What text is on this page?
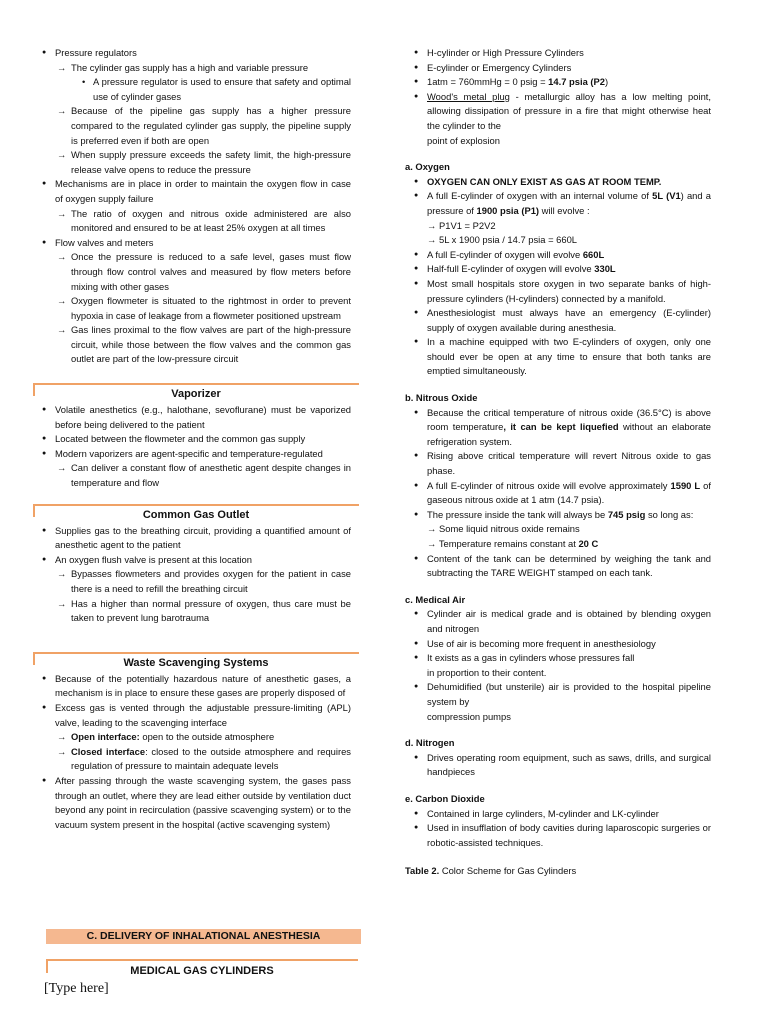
● Pressure regulators
→ The cylinder gas supply has a high and variable pressure
• A pressure regulator is used to ensure that safety and optimal use of cylinder gases
→ Because of the pipeline gas supply has a higher pressure compared to the regulated cylinder gas supply, the pipeline supply is preferred even if both are open
→ When supply pressure exceeds the safety limit, the high-pressure release valve opens to reduce the pressure
● Mechanisms are in place in order to maintain the oxygen flow in case of oxygen supply failure
→ The ratio of oxygen and nitrous oxide administered are also monitored and ensured to be at least 25% oxygen at all times
● Flow valves and meters
→ Once the pressure is reduced to a safe level, gases must flow through flow control valves and measured by flow meters before mixing with other gases
→ Oxygen flowmeter is situated to the rightmost in order to prevent hypoxia in case of leakage from a flowmeter positioned upstream
→ Gas lines proximal to the flow valves are part of the high-pressure circuit, while those between the flow valves and the common gas outlet are part of the low-pressure circuit
Vaporizer
● Volatile anesthetics (e.g., halothane, sevoflurane) must be vaporized before being delivered to the patient
● Located between the flowmeter and the common gas supply
● Modern vaporizers are agent-specific and temperature-regulated
→ Can deliver a constant flow of anesthetic agent despite changes in temperature and flow
Common Gas Outlet
● Supplies gas to the breathing circuit, providing a quantified amount of anesthetic agent to the patient
● An oxygen flush valve is present at this location
→ Bypasses flowmeters and provides oxygen for the patient in case there is a need to refill the breathing circuit
→ Has a higher than normal pressure of oxygen, thus care must be taken to prevent lung barotrauma
Waste Scavenging Systems
● Because of the potentially hazardous nature of anesthetic gases, a mechanism is in place to ensure these gases are properly disposed of
● Excess gas is vented through the adjustable pressure-limiting (APL) valve, leading to the scavenging interface
→ Open interface: open to the outside atmosphere
→ Closed interface: closed to the outside atmosphere and requires regulation of pressure to maintain adequate levels
● After passing through the waste scavenging system, the gases pass through an outlet, where they are lead either outside by ventilation duct beyond any point in recirculation (passive scavenging system) or to the vacuum system present in the hospital (active scavenging system)
C. DELIVERY OF INHALATIONAL ANESTHESIA
MEDICAL GAS CYLINDERS
[Type here]
● H-cylinder or High Pressure Cylinders
● E-cylinder or Emergency Cylinders
● 1atm = 760mmHg = 0 psig = 14.7 psia (P2)
● Wood's metal plug - metallurgic alloy has a low melting point, allowing dissipation of pressure in a fire that might otherwise heat the cylinder to the
point of explosion
a. Oxygen
● OXYGEN CAN ONLY EXIST AS GAS AT ROOM TEMP.
● A full E-cylinder of oxygen with an internal volume of 5L (V1) and a pressure of 1900 psia (P1) will evolve :
→ P1V1 = P2V2
→ 5L x 1900 psia / 14.7 psia = 660L
● A full E-cylinder of oxygen will evolve 660L
● Half-full E-cylinder of oxygen will evolve 330L
● Most small hospitals store oxygen in two separate banks of high-pressure cylinders (H-cylinders) connected by a manifold.
● Anesthesiologist must always have an emergency (E-cylinder) supply of oxygen available during anesthesia.
● In a machine equipped with two E-cylinders of oxygen, only one should ever be open at any time to ensure that both tanks are emptied simultaneously.
b. Nitrous Oxide
● Because the critical temperature of nitrous oxide (36.5°C) is above room temperature, it can be kept liquefied without an elaborate refrigeration system.
● Rising above critical temperature will revert Nitrous oxide to gas phase.
● A full E-cylinder of nitrous oxide will evolve approximately 1590 L of gaseous nitrous oxide at 1 atm (14.7 psia).
● The pressure inside the tank will always be 745 psig so long as:
→ Some liquid nitrous oxide remains
→ Temperature remains constant at 20 C
● Content of the tank can be determined by weighing the tank and subtracting the TARE WEIGHT stamped on each tank.
c. Medical Air
● Cylinder air is medical grade and is obtained by blending oxygen and nitrogen
● Use of air is becoming more frequent in anesthesiology
● It exists as a gas in cylinders whose pressures fall
in proportion to their content.
● Dehumidified (but unsterile) air is provided to the hospital pipeline system by
compression pumps
d. Nitrogen
● Drives operating room equipment, such as saws, drills, and surgical handpieces
e. Carbon Dioxide
● Contained in large cylinders, M-cylinder and LK-cylinder
● Used in insufflation of body cavities during laparoscopic surgeries or robotic-assisted techniques.
Table 2. Color Scheme for Gas Cylinders
